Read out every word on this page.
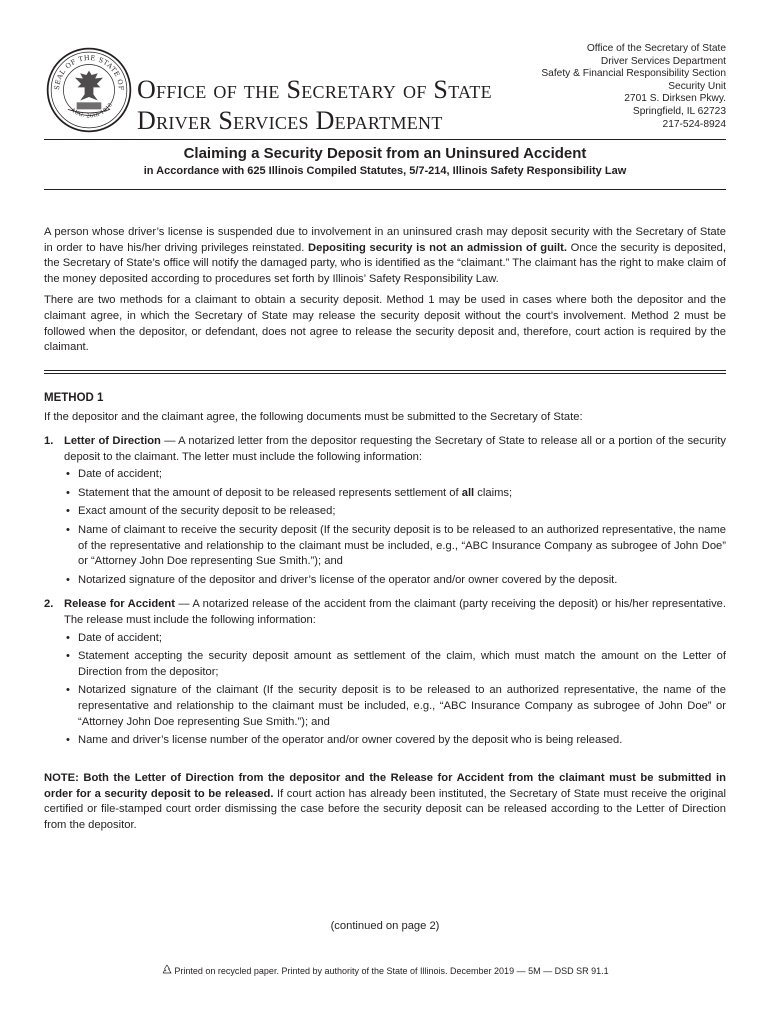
SEAL OF THE STATE OF
AUG. 26th 1818
Office of the Secretary of State
Driver Services Department
Office of the Secretary of State
Driver Services Department
Safety & Financial Responsibility Section
Security Unit
2701 S. Dirksen Pkwy.
Springfield, IL 62723
217-524-8924
Claiming a Security Deposit from an Uninsured Accident
in Accordance with 625 Illinois Compiled Statutes, 5/7-214, Illinois Safety Responsibility Law

A person whose driver’s license is suspended due to involvement in an uninsured crash may deposit security with the Secretary of State in order to have his/her driving privileges reinstated. Depositing security is not an admission of guilt. Once the security is deposited, the Secretary of State’s office will notify the damaged party, who is identified as the “claimant.” The claimant has the right to make claim of the money deposited according to procedures set forth by Illinois’ Safety Responsibility Law.

There are two methods for a claimant to obtain a security deposit. Method 1 may be used in cases where both the depositor and the claimant agree, in which the Secretary of State may release the security deposit without the court’s involvement. Method 2 must be followed when the depositor, or defendant, does not agree to release the security deposit and, therefore, court action is required by the claimant.

METHOD 1
If the depositor and the claimant agree, the following documents must be submitted to the Secretary of State:
1. Letter of Direction — A notarized letter from the depositor requesting the Secretary of State to release all or a portion of the security deposit to the claimant. The letter must include the following information:
• Date of accident;
• Statement that the amount of deposit to be released represents settlement of all claims;
• Exact amount of the security deposit to be released;
• Name of claimant to receive the security deposit (If the security deposit is to be released to an authorized representative, the name of the representative and relationship to the claimant must be included, e.g., “ABC Insurance Company as subrogee of John Doe” or “Attorney John Doe representing Sue Smith.”); and
• Notarized signature of the depositor and driver’s license of the operator and/or owner covered by the deposit.
2. Release for Accident — A notarized release of the accident from the claimant (party receiving the deposit) or his/her representative. The release must include the following information:
• Date of accident;
• Statement accepting the security deposit amount as settlement of the claim, which must match the amount on the Letter of Direction from the depositor;
• Notarized signature of the claimant (If the security deposit is to be released to an authorized representative, the name of the representative and relationship to the claimant must be included, e.g., “ABC Insurance Company as subrogee of John Doe” or “Attorney John Doe representing Sue Smith.”); and
• Name and driver’s license number of the operator and/or owner covered by the deposit who is being released.
NOTE: Both the Letter of Direction from the depositor and the Release for Accident from the claimant must be submitted in order for a security deposit to be released. If court action has already been instituted, the Secretary of State must receive the original certified or file-stamped court order dismissing the case before the security deposit can be released according to the Letter of Direction from the depositor.
(continued on page 2)
Printed on recycled paper. Printed by authority of the State of Illinois. December 2019 — 5M — DSD SR 91.1
